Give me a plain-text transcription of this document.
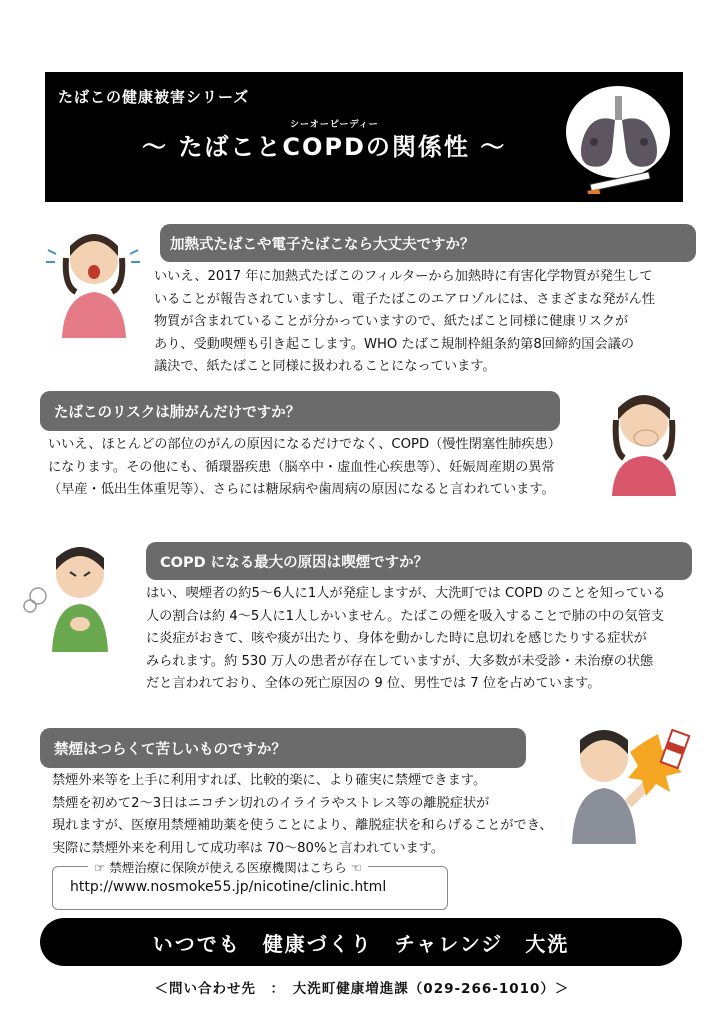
たばこの健康被害シリーズ
シーオーピーディー
～ たばことCOPDの関係性 ～
加熱式たばこや電子たばこなら大丈夫ですか？
いいえ、2017 年に加熱式たばこのフィルターから加熱時に有害化学物質が発生して
いることが報告されていますし、電子たばこのエアロゾルには、さまざまな発がん性
物質が含まれていることが分かっていますので、紙たばこと同様に健康リスクが
あり、受動喫煙も引き起こします。WHO たばこ規制枠組条約第8回締約国会議の
議決で、紙たばこと同様に扱われることになっています。
たばこのリスクは肺がんだけですか？
いいえ、ほとんどの部位のがんの原因になるだけでなく、COPD（慢性閉塞性肺疾患）
になります。その他にも、循環器疾患（脳卒中・虚血性心疾患等）、妊娠周産期の異常
（早産・低出生体重児等）、さらには糖尿病や歯周病の原因になると言われています。
COPD になる最大の原因は喫煙ですか？
はい、喫煙者の約5～6人に1人が発症しますが、大洗町では COPD のことを知っている
人の割合は約 4～5人に1人しかいません。たばこの煙を吸入することで肺の中の気管支
に炎症がおきて、咳や痰が出たり、身体を動かした時に息切れを感じたりする症状が
みられます。約 530 万人の患者が存在していますが、大多数が未受診・未治療の状態
だと言われており、全体の死亡原因の 9 位、男性では 7 位を占めています。
禁煙はつらくて苦しいものですか？
禁煙外来等を上手に利用すれば、比較的楽に、より確実に禁煙できます。
禁煙を初めて2～3日はニコチン切れのイライラやストレス等の離脱症状が
現れますが、医療用禁煙補助薬を使うことにより、離脱症状を和らげることができ、
実際に禁煙外来を利用して成功率は 70～80%と言われています。
☞ 禁煙治療に保険が使える医療機関はこちら ☜
http://www.nosmoke55.jp/nicotine/clinic.html
いつでも　健康づくり　チャレンジ　大洗
＜問い合わせ先　：　大洗町健康増進課（029-266-1010）＞
